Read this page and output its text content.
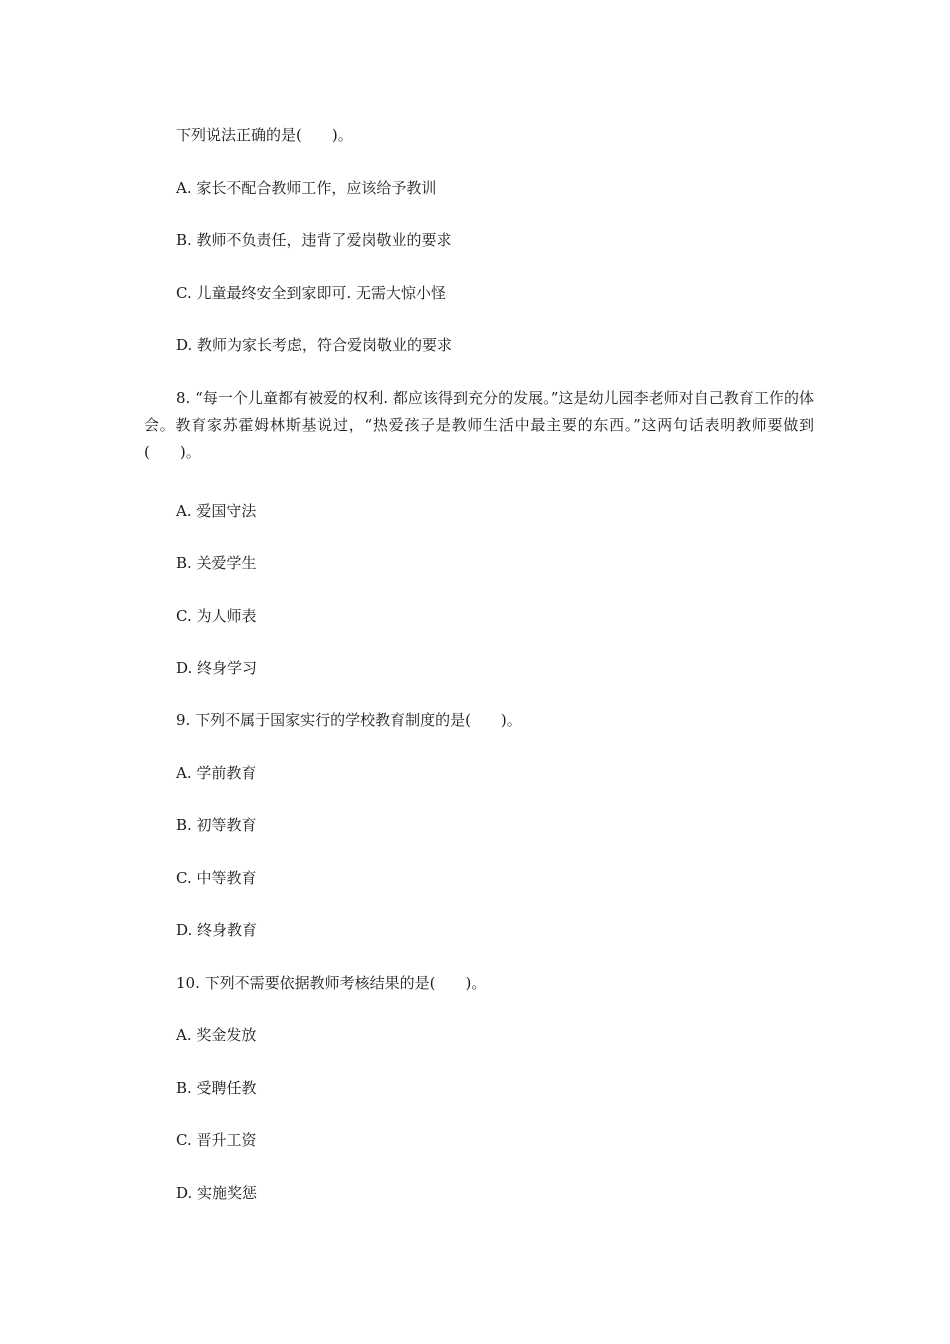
下列说法正确的是(　　)。
A. 家长不配合教师工作，应该给予教训
B. 教师不负责任，违背了爱岗敬业的要求
C. 儿童最终安全到家即可. 无需大惊小怪
D. 教师为家长考虑，符合爱岗敬业的要求
8. “每一个儿童都有被爱的权利. 都应该得到充分的发展。”这是幼儿园李老师对自己教育工作的体会。教育家苏霍姆林斯基说过，“热爱孩子是教师生活中最主要的东西。”这两句话表明教师要做到(　　)。
A. 爱国守法
B. 关爱学生
C. 为人师表
D. 终身学习
9. 下列不属于国家实行的学校教育制度的是(　　)。
A. 学前教育
B. 初等教育
C. 中等教育
D. 终身教育
10. 下列不需要依据教师考核结果的是(　　)。
A. 奖金发放
B. 受聘任教
C. 晋升工资
D. 实施奖惩
